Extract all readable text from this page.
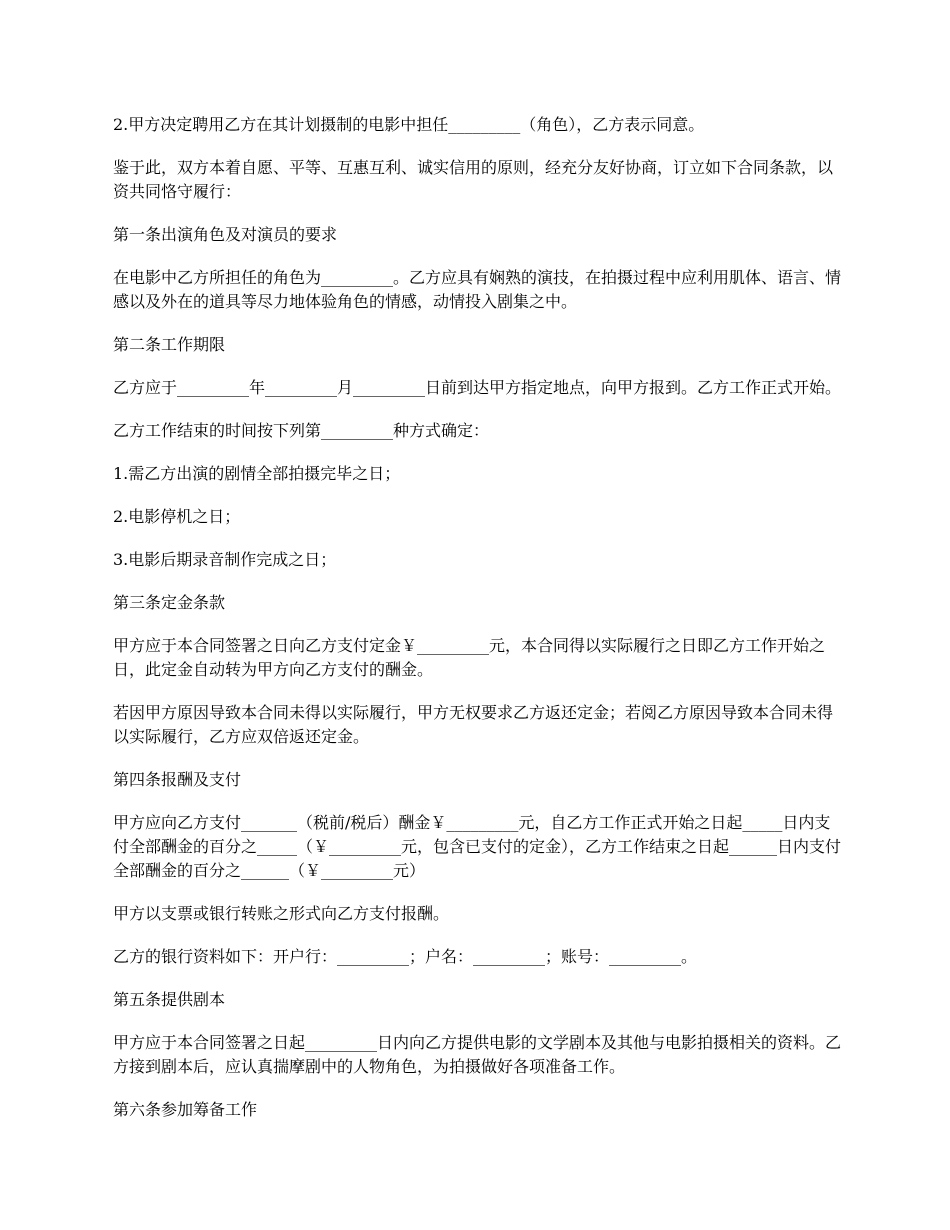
2.甲方决定聘用乙方在其计划摄制的电影中担任_________（角色），乙方表示同意。

鉴于此，双方本着自愿、平等、互惠互利、诚实信用的原则，经充分友好协商，订立如下合同条款，以资共同恪守履行：

第一条出演角色及对演员的要求

在电影中乙方所担任的角色为_________。乙方应具有娴熟的演技，在拍摄过程中应利用肌体、语言、情感以及外在的道具等尽力地体验角色的情感，动情投入剧集之中。

第二条工作期限

乙方应于_________年_________月_________日前到达甲方指定地点，向甲方报到。乙方工作正式开始。

乙方工作结束的时间按下列第_________种方式确定：

1.需乙方出演的剧情全部拍摄完毕之日；

2.电影停机之日；

3.电影后期录音制作完成之日；

第三条定金条款

甲方应于本合同签署之日向乙方支付定金￥_________元，本合同得以实际履行之日即乙方工作开始之日，此定金自动转为甲方向乙方支付的酬金。

若因甲方原因导致本合同未得以实际履行，甲方无权要求乙方返还定金；若阅乙方原因导致本合同未得以实际履行，乙方应双倍返还定金。

第四条报酬及支付

甲方应向乙方支付_______（税前/税后）酬金￥_________元，自乙方工作正式开始之日起_____日内支付全部酬金的百分之_____（￥_________元，包含已支付的定金），乙方工作结束之日起______日内支付全部酬金的百分之______（￥_________元）

甲方以支票或银行转账之形式向乙方支付报酬。

乙方的银行资料如下：开户行：_________；户名：_________；账号：_________。

第五条提供剧本

甲方应于本合同签署之日起_________日内向乙方提供电影的文学剧本及其他与电影拍摄相关的资料。乙方接到剧本后，应认真揣摩剧中的人物角色，为拍摄做好各项准备工作。

第六条参加筹备工作
